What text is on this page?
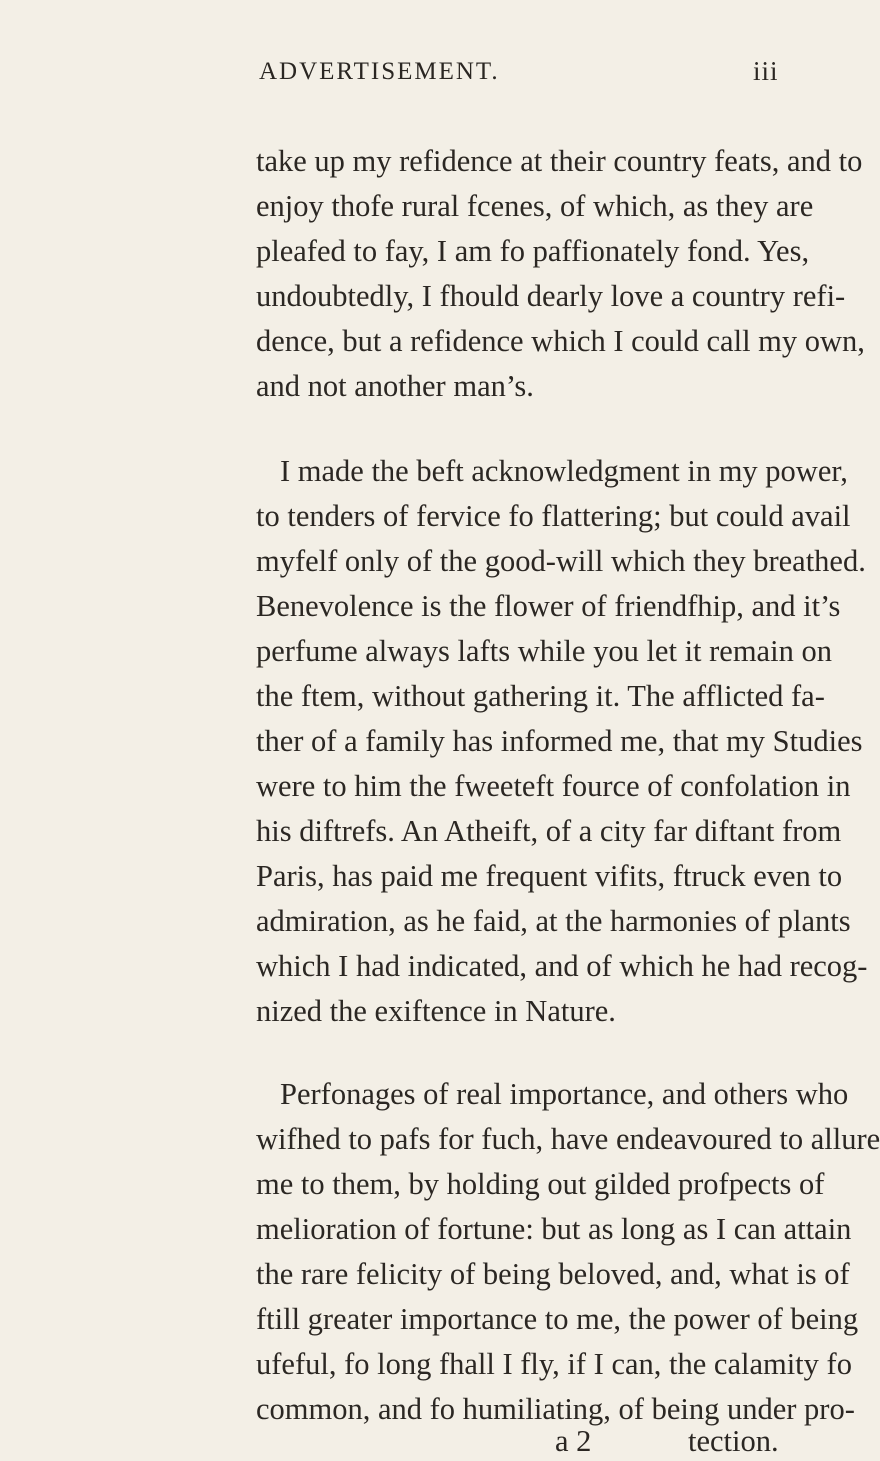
ADVERTISEMENT.	iii
take up my refidence at their country feats, and to
enjoy thofe rural fcenes, of which, as they are
pleafed to fay, I am fo paffionately fond. Yes,
undoubtedly, I fhould dearly love a country refi-
dence, but a refidence which I could call my own,
and not another man’s.
I made the beft acknowledgment in my power,
to tenders of fervice fo flattering; but could avail
myfelf only of the good-will which they breathed.
Benevolence is the flower of friendfhip, and it’s
perfume always lafts while you let it remain on
the ftem, without gathering it. The afflicted fa-
ther of a family has informed me, that my Studies
were to him the fweeteft fource of confolation in
his diftrefs. An Atheift, of a city far diftant from
Paris, has paid me frequent vifits, ftruck even to
admiration, as he faid, at the harmonies of plants
which I had indicated, and of which he had recog-
nized the exiftence in Nature.
Perfonages of real importance, and others who
wifhed to pafs for fuch, have endeavoured to allure
me to them, by holding out gilded profpects of
melioration of fortune: but as long as I can attain
the rare felicity of being beloved, and, what is of
ftill greater importance to me, the power of being
ufeful, fo long fhall I fly, if I can, the calamity fo
common, and fo humiliating, of being under pro-
a 2	tection.
